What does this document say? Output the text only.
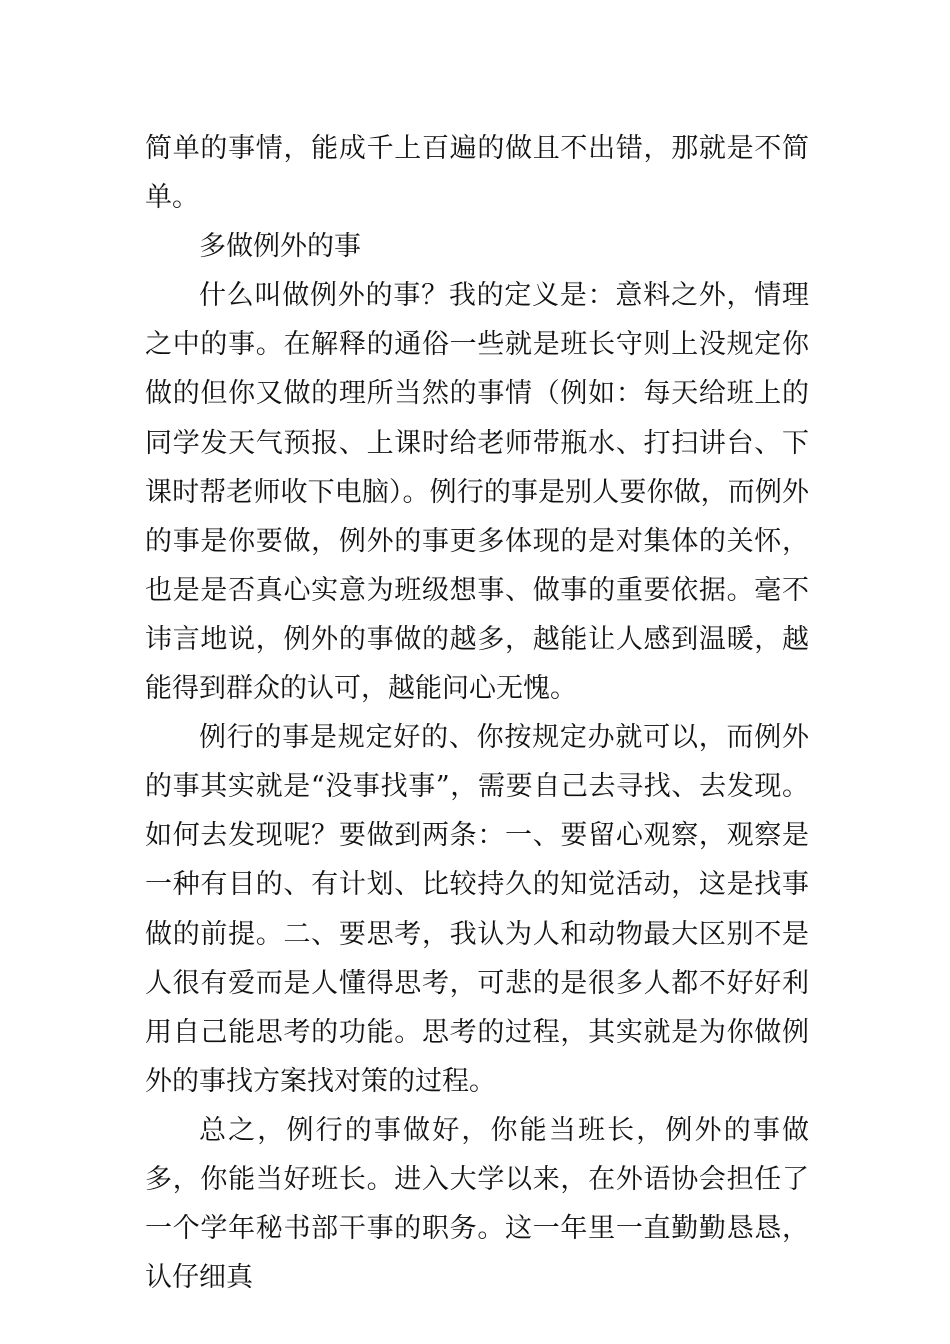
简单的事情，能成千上百遍的做且不出错，那就是不简单。

多做例外的事

什么叫做例外的事？我的定义是：意料之外，情理之中的事。在解释的通俗一些就是班长守则上没规定你做的但你又做的理所当然的事情（例如：每天给班上的同学发天气预报、上课时给老师带瓶水、打扫讲台、下课时帮老师收下电脑）。例行的事是别人要你做，而例外的事是你要做，例外的事更多体现的是对集体的关怀，也是是否真心实意为班级想事、做事的重要依据。毫不讳言地说，例外的事做的越多，越能让人感到温暖，越能得到群众的认可，越能问心无愧。

例行的事是规定好的、你按规定办就可以，而例外的事其实就是“没事找事”，需要自己去寻找、去发现。如何去发现呢？要做到两条：一、要留心观察，观察是一种有目的、有计划、比较持久的知觉活动，这是找事做的前提。二、要思考，我认为人和动物最大区别不是人很有爱而是人懂得思考，可悲的是很多人都不好好利用自己能思考的功能。思考的过程，其实就是为你做例外的事找方案找对策的过程。

总之，例行的事做好，你能当班长，例外的事做多，你能当好班长。进入大学以来，在外语协会担任了一个学年秘书部干事的职务。这一年里一直勤勤恳恳，认仔细真
